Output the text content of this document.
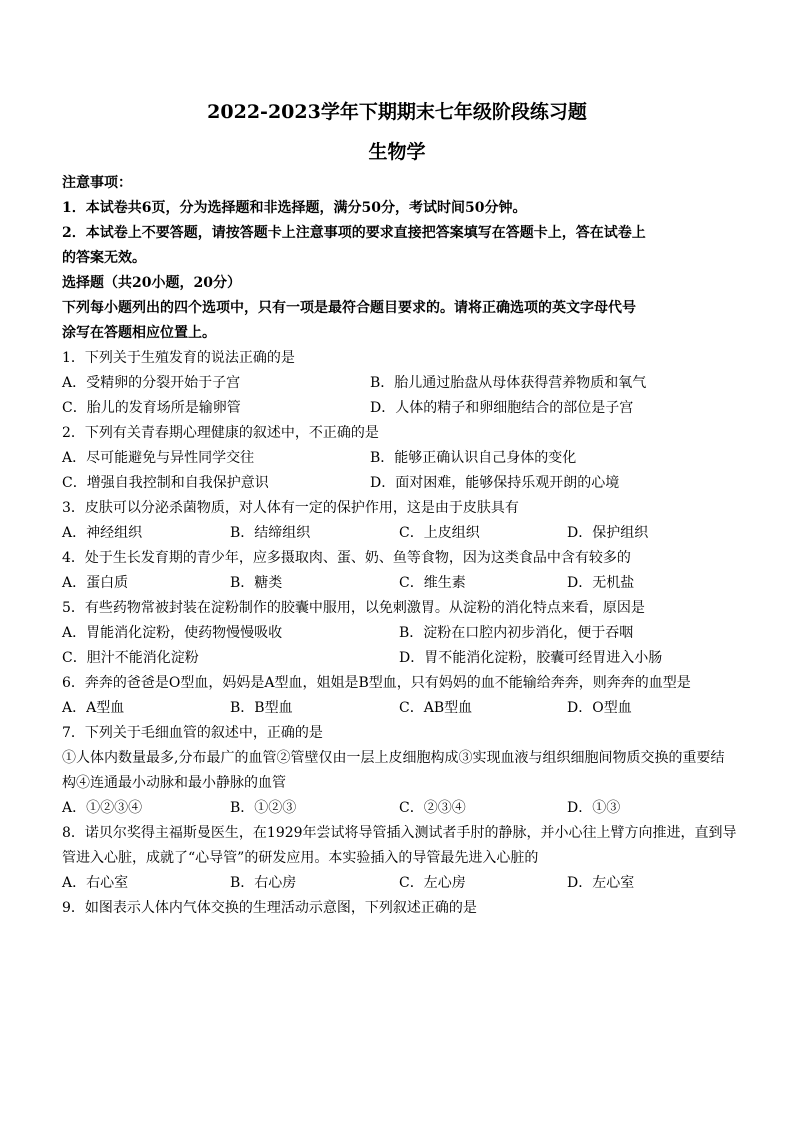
2022-2023学年下期期末七年级阶段练习题
生物学
注意事项：
1．本试卷共6页，分为选择题和非选择题，满分50分，考试时间50分钟。
2．本试卷上不要答题，请按答题卡上注意事项的要求直接把答案填写在答题卡上，答在试卷上
的答案无效。
选择题（共20小题，20分）
下列每小题列出的四个选项中，只有一项是最符合题目要求的。请将正确选项的英文字母代号
涂写在答题相应位置上。
1．下列关于生殖发育的说法正确的是
A．受精卵的分裂开始于子宫	B．胎儿通过胎盘从母体获得营养物质和氧气
C．胎儿的发育场所是输卵管	D．人体的精子和卵细胞结合的部位是子宫
2．下列有关青春期心理健康的叙述中，不正确的是
A．尽可能避免与异性同学交往	B．能够正确认识自己身体的变化
C．增强自我控制和自我保护意识	D．面对困难，能够保持乐观开朗的心境
3．皮肤可以分泌杀菌物质，对人体有一定的保护作用，这是由于皮肤具有
A．神经组织	B．结缔组织	C．上皮组织	D．保护组织
4．处于生长发育期的青少年，应多摄取肉、蛋、奶、鱼等食物，因为这类食品中含有较多的
A．蛋白质	B．糖类	C．维生素	D．无机盐
5．有些药物常被封装在淀粉制作的胶囊中服用，以免刺激胃。从淀粉的消化特点来看，原因是
A．胃能消化淀粉，使药物慢慢吸收	B．淀粉在口腔内初步消化，便于吞咽
C．胆汁不能消化淀粉	D．胃不能消化淀粉，胶囊可经胃进入小肠
6．奔奔的爸爸是O型血，妈妈是A型血，姐姐是B型血，只有妈妈的血不能输给奔奔，则奔奔的血型是
A．A型血	B．B型血	C．AB型血	D．O型血
7．下列关于毛细血管的叙述中，正确的是
①人体内数量最多,分布最广的血管②管壁仅由一层上皮细胞构成③实现血液与组织细胞间物质交换的重要结
构④连通最小动脉和最小静脉的血管
A．①②③④	B．①②③	C．②③④	D．①③
8．诺贝尔奖得主福斯曼医生，在1929年尝试将导管插入测试者手肘的静脉，并小心往上臂方向推进，直到导
管进入心脏，成就了“心导管”的研发应用。本实验插入的导管最先进入心脏的
A．右心室	B．右心房	C．左心房	D．左心室
9．如图表示人体内气体交换的生理活动示意图，下列叙述正确的是
